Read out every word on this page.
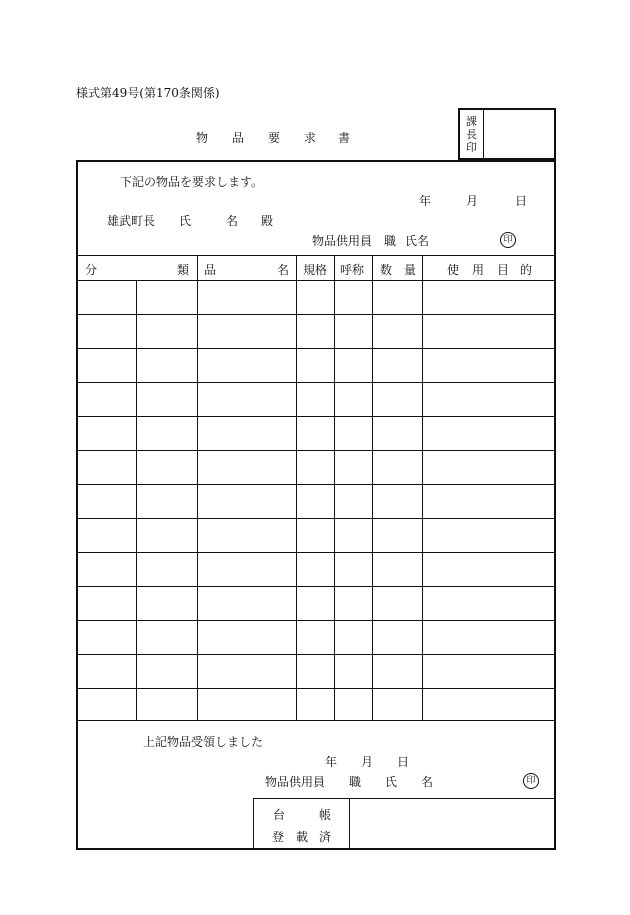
様式第49号(第170条関係)
物 品 要 求 書
課
長
印
下記の物品を要求します。
年	月	日
雄武町長 氏	名 殿
物品供用員 職 氏名	印
分	類 品	名 規格 呼称 数 量	使 用 目 的
上記物品受領しました
年 月 日
物品供用員 職 氏 名	印
台	帳
登 載 済
